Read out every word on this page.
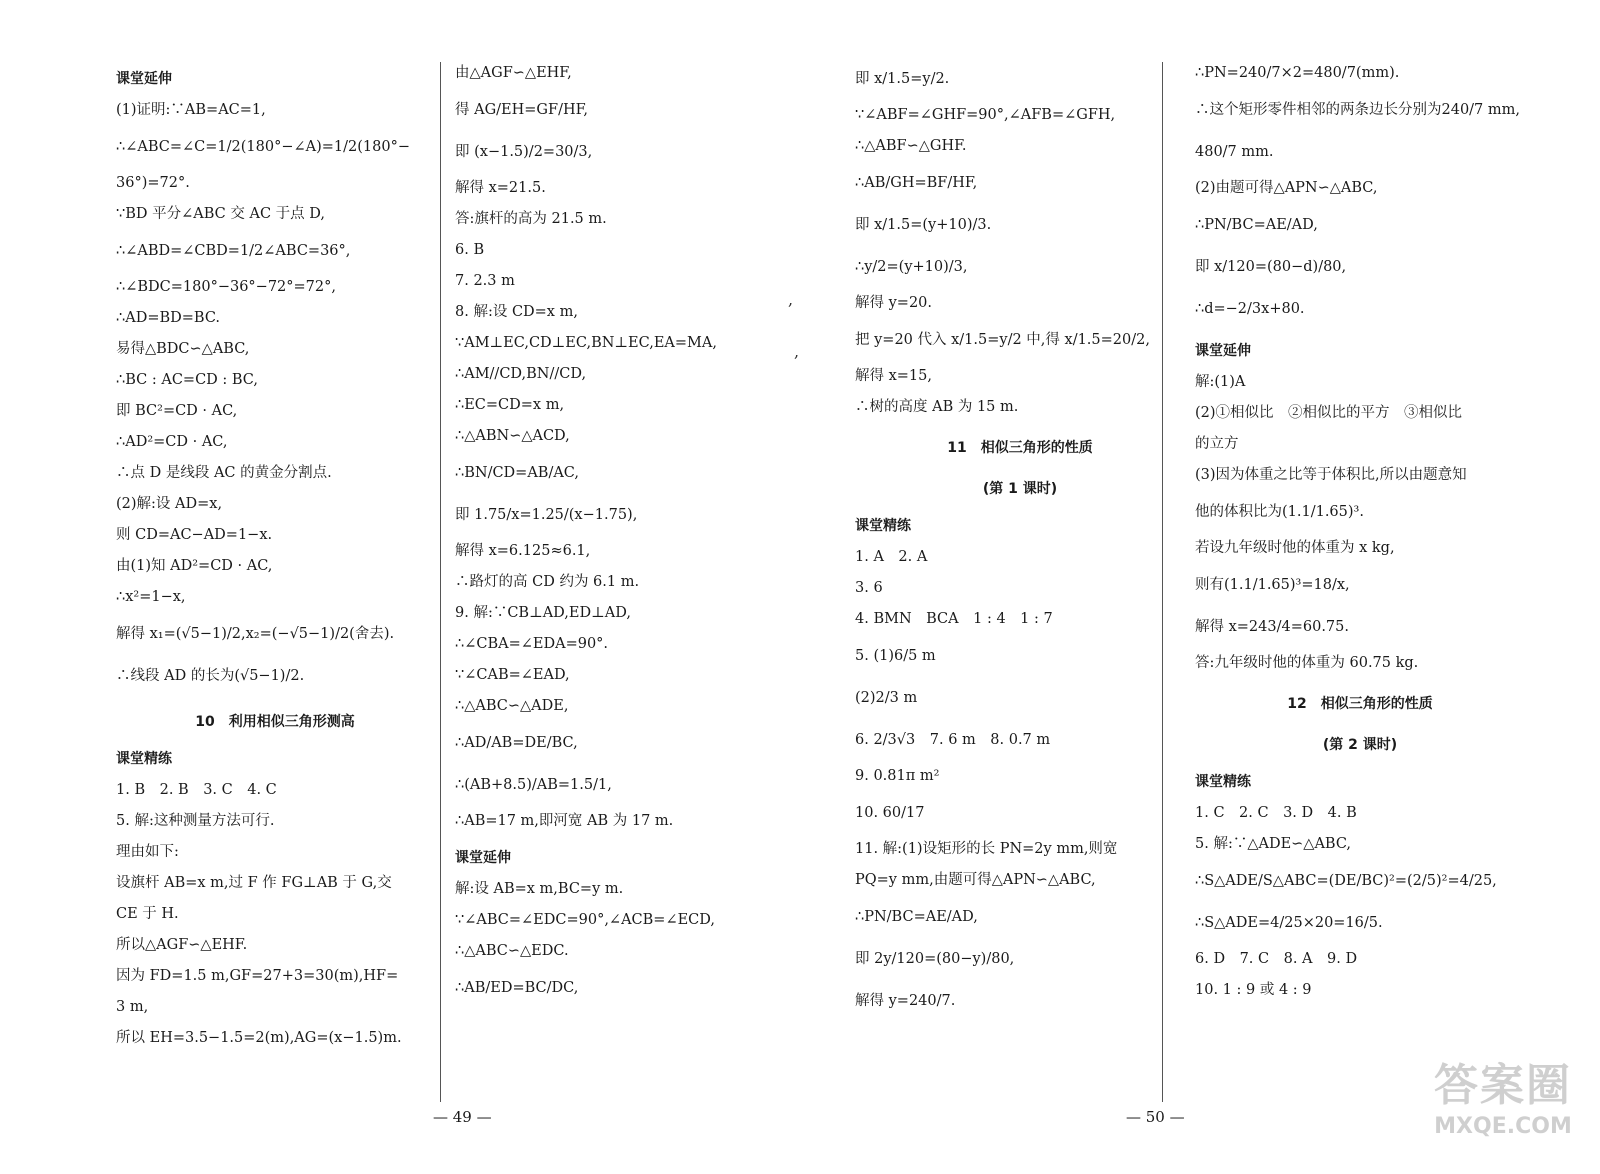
课堂延伸
(1)证明:∵AB=AC=1,
∴∠ABC=∠C=1/2(180°−∠A)=1/2(180°−
36°)=72°.
∵BD 平分∠ABC 交 AC 于点 D,
∴∠ABD=∠CBD=1/2∠ABC=36°,
∴∠BDC=180°−36°−72°=72°,
∴AD=BD=BC.
易得△BDC∽△ABC,
∴BC : AC=CD : BC,
即 BC²=CD · AC,
∴AD²=CD · AC,
∴点 D 是线段 AC 的黄金分割点.
(2)解:设 AD=x,
则 CD=AC−AD=1−x.
由(1)知 AD²=CD · AC,
∴x²=1−x,
解得 x₁=(√5−1)/2,x₂=(−√5−1)/2(舍去).
∴线段 AD 的长为(√5−1)/2.
10　利用相似三角形测高
课堂精练
1. B　2. B　3. C　4. C
5. 解:这种测量方法可行.
理由如下:
设旗杆 AB=x m,过 F 作 FG⊥AB 于 G,交
CE 于 H.
所以△AGF∽△EHF.
因为 FD=1.5 m,GF=27+3=30(m),HF=
3 m,
所以 EH=3.5−1.5=2(m),AG=(x−1.5)m.
由△AGF∽△EHF,
得 AG/EH=GF/HF,
即 (x−1.5)/2=30/3,
解得 x=21.5.
答:旗杆的高为 21.5 m.
6. B
7. 2.3 m
8. 解:设 CD=x m,
∵AM⊥EC,CD⊥EC,BN⊥EC,EA=MA,
∴AM//CD,BN//CD,
∴EC=CD=x m,
∴△ABN∽△ACD,
∴BN/CD=AB/AC,
即 1.75/x=1.25/(x−1.75),
解得 x=6.125≈6.1,
∴路灯的高 CD 约为 6.1 m.
9. 解:∵CB⊥AD,ED⊥AD,
∴∠CBA=∠EDA=90°.
∵∠CAB=∠EAD,
∴△ABC∽△ADE,
∴AD/AB=DE/BC,
∴(AB+8.5)/AB=1.5/1,
∴AB=17 m,即河宽 AB 为 17 m.
课堂延伸
解:设 AB=x m,BC=y m.
∵∠ABC=∠EDC=90°,∠ACB=∠ECD,
∴△ABC∽△EDC.
∴AB/ED=BC/DC,
即 x/1.5=y/2.
∵∠ABF=∠GHF=90°,∠AFB=∠GFH,
∴△ABF∽△GHF.
∴AB/GH=BF/HF,
即 x/1.5=(y+10)/3.
∴y/2=(y+10)/3,
解得 y=20.
把 y=20 代入 x/1.5=y/2 中,得 x/1.5=20/2,
解得 x=15,
∴树的高度 AB 为 15 m.
11　相似三角形的性质
(第 1 课时)
课堂精练
1. A　2. A
3. 6
4. BMN　BCA　1 : 4　1 : 7
5. (1)6/5 m
(2)2/3 m
6. 2/3√3　7. 6 m　8. 0.7 m
9. 0.81π m²
10. 60/17
11. 解:(1)设矩形的长 PN=2y mm,则宽
PQ=y mm,由题可得△APN∽△ABC,
∴PN/BC=AE/AD,
即 2y/120=(80−y)/80,
解得 y=240/7.
∴PN=240/7×2=480/7(mm).
∴这个矩形零件相邻的两条边长分别为240/7 mm,
480/7 mm.
(2)由题可得△APN∽△ABC,
∴PN/BC=AE/AD,
即 x/120=(80−d)/80,
∴d=−2/3x+80.
课堂延伸
解:(1)A
(2)①相似比　②相似比的平方　③相似比
的立方
(3)因为体重之比等于体积比,所以由题意知
他的体积比为(1.1/1.65)³.
若设九年级时他的体重为 x kg,
则有(1.1/1.65)³=18/x,
解得 x=243/4=60.75.
答:九年级时他的体重为 60.75 kg.
12　相似三角形的性质
(第 2 课时)
课堂精练
1. C　2. C　3. D　4. B
5. 解:∵△ADE∽△ABC,
∴S△ADE/S△ABC=(DE/BC)²=(2/5)²=4/25,
∴S△ADE=4/25×20=16/5.
6. D　7. C　8. A　9. D
10. 1 : 9 或 4 : 9
,
,
— 49 —	— 50 —
答案圈
MXQE.COM
